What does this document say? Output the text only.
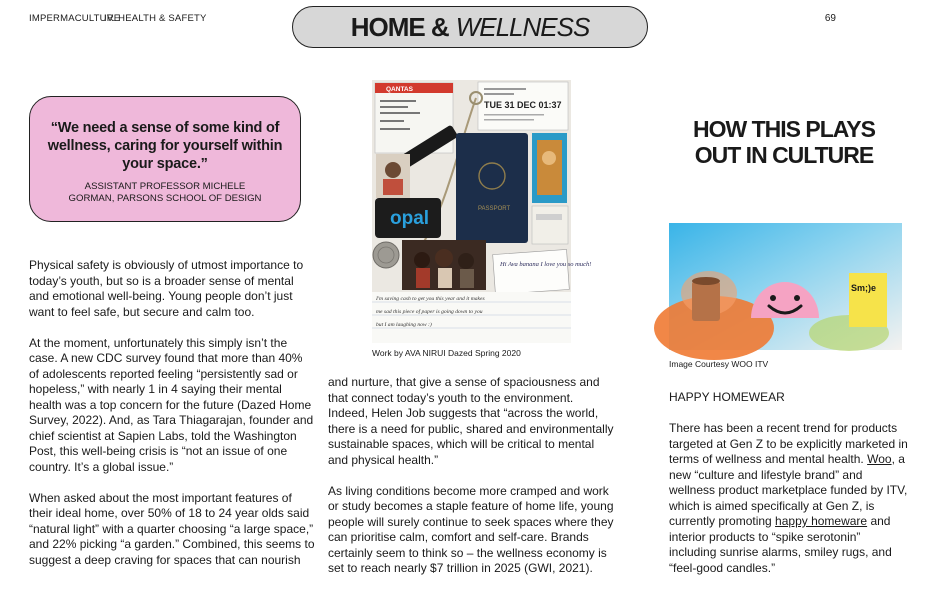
IMPERMACULTURE
IV. HEALTH & SAFETY	HOME & WELLNESS	69
“We need a sense of some kind of wellness, caring for yourself within your space.”
ASSISTANT PROFESSOR MICHELE
GORMAN, PARSONS SCHOOL OF DESIGN

Physical safety is obviously of utmost importance to today’s youth, but so is a broader sense of mental and emotional well-being. Young people don’t just want to feel safe, but secure and calm too.

At the moment, unfortunately this simply isn’t the case. A new CDC survey found that more than 40% of adolescents reported feeling “persistently sad or hopeless,” with nearly 1 in 4 saying their mental health was a top concern for the future (Dazed Home Survey, 2022). And, as Tara Thiagarajan, founder and chief scientist at Sapien Labs, told the Washington Post, this well-being crisis is “not an issue of one country. It’s a global issue.”

When asked about the most important features of their ideal home, over 50% of 18 to 24 year olds said “natural light” with a quarter choosing “a large space,” and 22% picking “a garden.” Combined, this seems to suggest a deep craving for spaces that can nourish

QANTAS
TUE 31 DEC 01:37
opal	PASSPORT
Hi Ava banana I love you so much!
I'm saving cash to get you this year and it makes
me sad this piece of paper is going down to you
but I am laughing now :)
Work by AVA NIRUI Dazed Spring 2020

and nurture, that give a sense of spaciousness and that connect today’s youth to the environment. Indeed, Helen Job suggests that “across the world, there is a need for public, shared and environmentally sustainable spaces, which will be critical to mental and physical health.”

As living conditions become more cramped and work or study becomes a staple feature of home life, young people will surely continue to seek spaces where they can prioritise calm, comfort and self-care. Brands certainly seem to think so – the wellness economy is set to reach nearly $7 trillion in 2025 (GWI, 2021).

HOW THIS PLAYS OUT IN CULTURE
Sm;)e
Image Courtesy WOO ITV
HAPPY HOMEWEAR
There has been a recent trend for products targeted at Gen Z to be explicitly marketed in terms of wellness and mental health. Woo, a new “culture and lifestyle brand” and wellness product marketplace funded by ITV, which is aimed specifically at Gen Z, is currently promoting happy homeware and interior products to “spike serotonin” including sunrise alarms, smiley rugs, and “feel-good candles.”
